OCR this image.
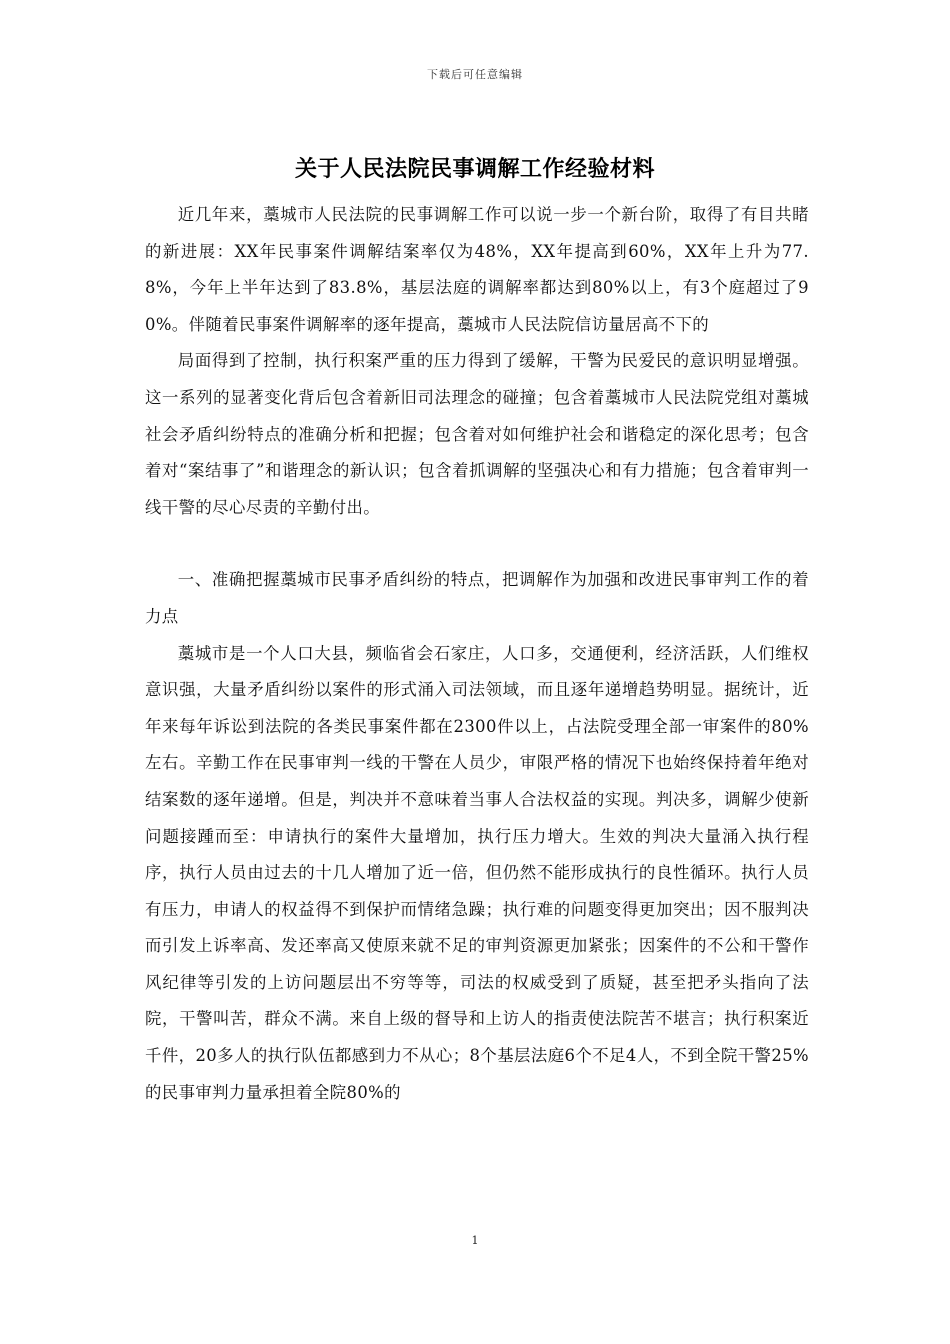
下载后可任意编辑
关于人民法院民事调解工作经验材料

近几年来，藁城市人民法院的民事调解工作可以说一步一个新台阶，取得了有目共睹的新进展：XX年民事案件调解结案率仅为48%，XX年提高到60%，XX年上升为77.8%，今年上半年达到了83.8%，基层法庭的调解率都达到80%以上，有3个庭超过了90%。伴随着民事案件调解率的逐年提高，藁城市人民法院信访量居高不下的

局面得到了控制，执行积案严重的压力得到了缓解，干警为民爱民的意识明显增强。这一系列的显著变化背后包含着新旧司法理念的碰撞；包含着藁城市人民法院党组对藁城社会矛盾纠纷特点的准确分析和把握；包含着对如何维护社会和谐稳定的深化思考；包含着对“案结事了”和谐理念的新认识；包含着抓调解的坚强决心和有力措施；包含着审判一线干警的尽心尽责的辛勤付出。

一、准确把握藁城市民事矛盾纠纷的特点，把调解作为加强和改进民事审判工作的着力点

藁城市是一个人口大县，频临省会石家庄，人口多，交通便利，经济活跃，人们维权意识强，大量矛盾纠纷以案件的形式涌入司法领域，而且逐年递增趋势明显。据统计，近年来每年诉讼到法院的各类民事案件都在2300件以上，占法院受理全部一审案件的80%左右。辛勤工作在民事审判一线的干警在人员少，审限严格的情况下也始终保持着年绝对结案数的逐年递增。但是，判决并不意味着当事人合法权益的实现。判决多，调解少使新问题接踵而至：申请执行的案件大量增加，执行压力增大。生效的判决大量涌入执行程序，执行人员由过去的十几人增加了近一倍，但仍然不能形成执行的良性循环。执行人员有压力，申请人的权益得不到保护而情绪急躁；执行难的问题变得更加突出；因不服判决而引发上诉率高、发还率高又使原来就不足的审判资源更加紧张；因案件的不公和干警作风纪律等引发的上访问题层出不穷等等，司法的权威受到了质疑，甚至把矛头指向了法院，干警叫苦，群众不满。来自上级的督导和上访人的指责使法院苦不堪言；执行积案近千件，20多人的执行队伍都感到力不从心；8个基层法庭6个不足4人，不到全院干警25%的民事审判力量承担着全院80%的

1
